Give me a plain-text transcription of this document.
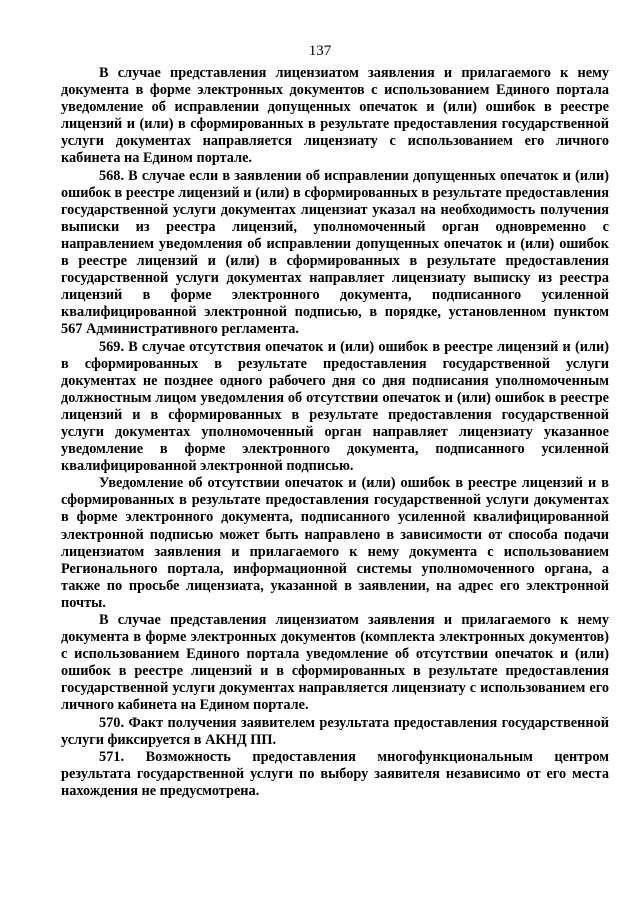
137

В случае представления лицензиатом заявления и прилагаемого к нему документа в форме электронных документов с использованием Единого портала уведомление об исправлении допущенных опечаток и (или) ошибок в реестре лицензий и (или) в сформированных в результате предоставления государственной услуги документах направляется лицензиату с использованием его личного кабинета на Едином портале.

568. В случае если в заявлении об исправлении допущенных опечаток и (или) ошибок в реестре лицензий и (или) в сформированных в результате предоставления государственной услуги документах лицензиат указал на необходимость получения выписки из реестра лицензий, уполномоченный орган одновременно с направлением уведомления об исправлении допущенных опечаток и (или) ошибок в реестре лицензий и (или) в сформированных в результате предоставления государственной услуги документах направляет лицензиату выписку из реестра лицензий в форме электронного документа, подписанного усиленной квалифицированной электронной подписью, в порядке, установленном пунктом 567 Административного регламента.

569. В случае отсутствия опечаток и (или) ошибок в реестре лицензий и (или) в сформированных в результате предоставления государственной услуги документах не позднее одного рабочего дня со дня подписания уполномоченным должностным лицом уведомления об отсутствии опечаток и (или) ошибок в реестре лицензий и в сформированных в результате предоставления государственной услуги документах уполномоченный орган направляет лицензиату указанное уведомление в форме электронного документа, подписанного усиленной квалифицированной электронной подписью.

Уведомление об отсутствии опечаток и (или) ошибок в реестре лицензий и в сформированных в результате предоставления государственной услуги документах в форме электронного документа, подписанного усиленной квалифицированной электронной подписью может быть направлено в зависимости от способа подачи лицензиатом заявления и прилагаемого к нему документа с использованием Регионального портала, информационной системы уполномоченного органа, а также по просьбе лицензиата, указанной в заявлении, на адрес его электронной почты.

В случае представления лицензиатом заявления и прилагаемого к нему документа в форме электронных документов (комплекта электронных документов) с использованием Единого портала уведомление об отсутствии опечаток и (или) ошибок в реестре лицензий и в сформированных в результате предоставления государственной услуги документах направляется лицензиату с использованием его личного кабинета на Едином портале.

570. Факт получения заявителем результата предоставления государственной услуги фиксируется в АКНД ПП.

571. Возможность предоставления многофункциональным центром результата государственной услуги по выбору заявителя независимо от его места нахождения не предусмотрена.
